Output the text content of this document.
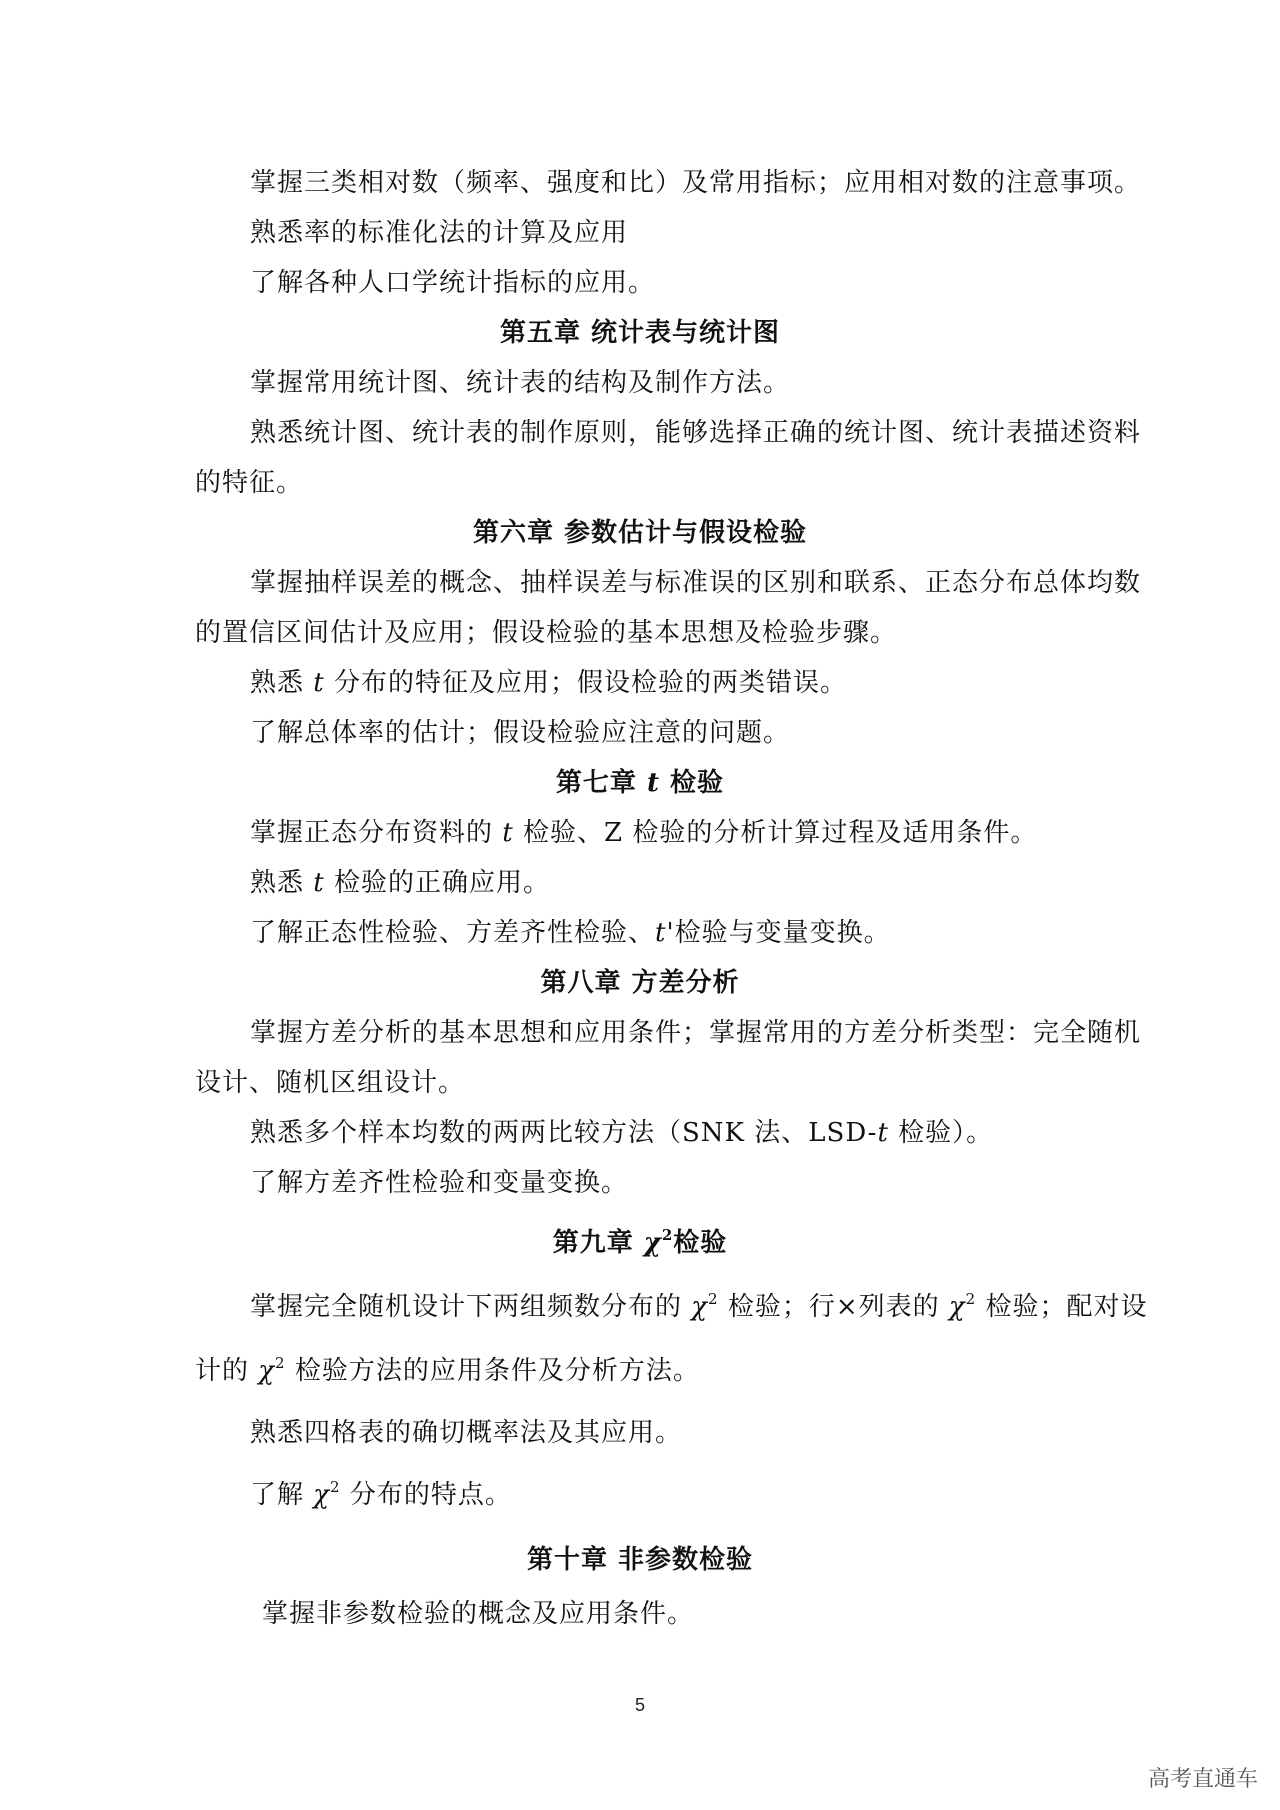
掌握三类相对数（频率、强度和比）及常用指标；应用相对数的注意事项。
熟悉率的标准化法的计算及应用
了解各种人口学统计指标的应用。
第五章 统计表与统计图
掌握常用统计图、统计表的结构及制作方法。
熟悉统计图、统计表的制作原则，能够选择正确的统计图、统计表描述资料
的特征。
第六章 参数估计与假设检验
掌握抽样误差的概念、抽样误差与标准误的区别和联系、正态分布总体均数
的置信区间估计及应用；假设检验的基本思想及检验步骤。
熟悉 t 分布的特征及应用；假设检验的两类错误。
了解总体率的估计；假设检验应注意的问题。
第七章 t 检验
掌握正态分布资料的 t 检验、Z 检验的分析计算过程及适用条件。
熟悉 t 检验的正确应用。
了解正态性检验、方差齐性检验、t'检验与变量变换。
第八章 方差分析
掌握方差分析的基本思想和应用条件；掌握常用的方差分析类型：完全随机
设计、随机区组设计。
熟悉多个样本均数的两两比较方法（SNK 法、LSD-t 检验）。
了解方差齐性检验和变量变换。
第九章 $\chi^2$检验
掌握完全随机设计下两组频数分布的 $\chi^2$ 检验；行×列表的 $\chi^2$ 检验；配对设
计的 $\chi^2$ 检验方法的应用条件及分析方法。
熟悉四格表的确切概率法及其应用。
了解 $\chi^2$ 分布的特点。
第十章 非参数检验
掌握非参数检验的概念及应用条件。
5
高考直通车
